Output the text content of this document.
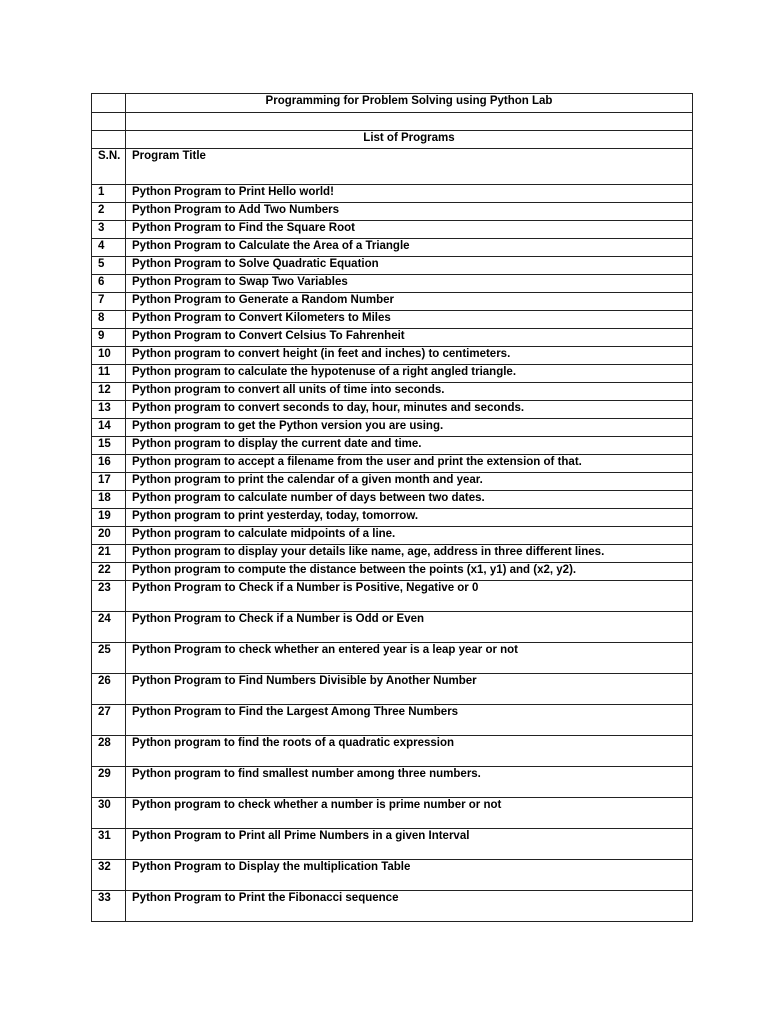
	Programming for Problem Solving using Python Lab

	List of Programs
S.N.	Program Title
1	Python Program to Print Hello world!
2	Python Program to Add Two Numbers
3	Python Program to Find the Square Root
4	Python Program to Calculate the Area of a Triangle
5	Python Program to Solve Quadratic Equation
6	Python Program to Swap Two Variables
7	Python Program to Generate a Random Number
8	Python Program to Convert Kilometers to Miles
9	Python Program to Convert Celsius To Fahrenheit
10	Python program to convert height (in feet and inches) to centimeters.
11	Python program to calculate the hypotenuse of a right angled triangle.
12	Python program to convert all units of time into seconds.
13	Python program to convert seconds to day, hour, minutes and seconds.
14	Python program to get the Python version you are using.
15	Python program to display the current date and time.
16	Python program to accept a filename from the user and print the extension of that.
17	Python program to print the calendar of a given month and year.
18	Python program to calculate number of days between two dates.
19	Python program to print yesterday, today, tomorrow.
20	Python program to calculate midpoints of a line.
21	Python program to display your details like name, age, address in three different lines.
22	Python program to compute the distance between the points (x1, y1) and (x2, y2).
23	Python Program to Check if a Number is Positive, Negative or 0
24	Python Program to Check if a Number is Odd or Even
25	Python Program to check whether an entered year is a leap year or not
26	Python Program to Find Numbers Divisible by Another Number
27	Python Program to Find the Largest Among Three Numbers
28	Python program to find the roots of a quadratic expression
29	Python program to find smallest number among three numbers.
30	Python program to check whether a number is prime number or not
31	Python Program to Print all Prime Numbers in a given Interval
32	Python Program to Display the multiplication Table
33	Python Program to Print the Fibonacci sequence
